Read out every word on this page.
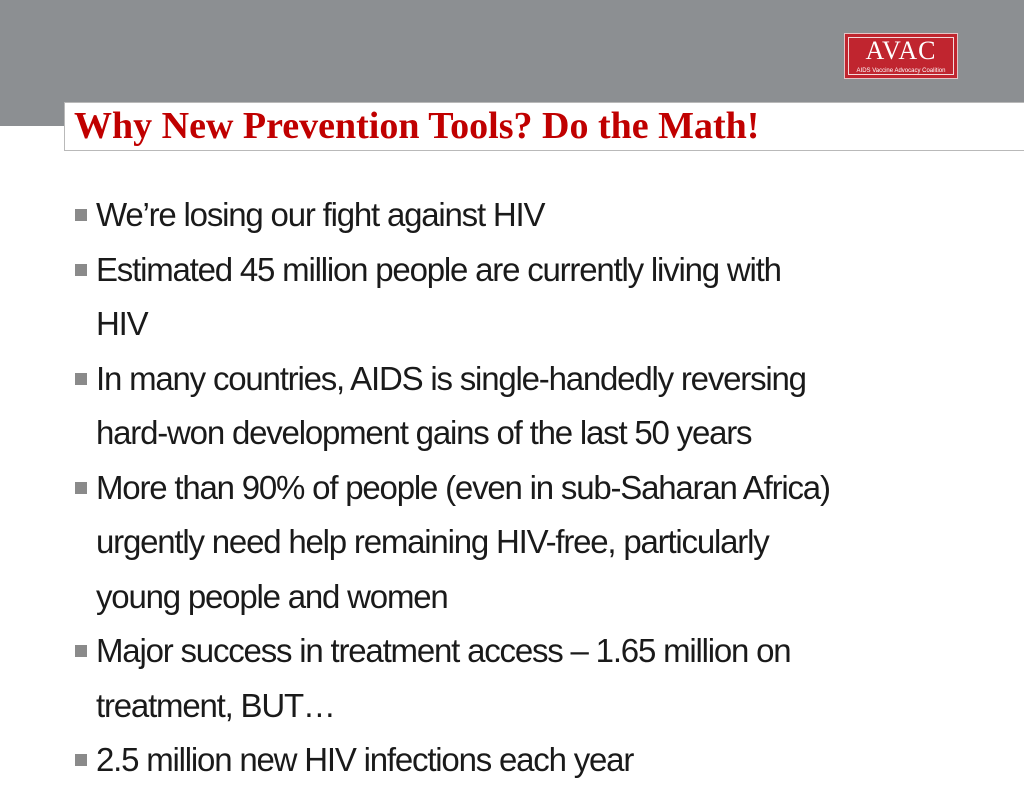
AVAC
AIDS Vaccine Advocacy Coalition
Why New Prevention Tools? Do the Math!
We’re losing our fight against HIV
Estimated 45 million people are currently living with
HIV
In many countries, AIDS is single-handedly reversing
hard-won development gains of the last 50 years
More than 90% of people (even in sub-Saharan Africa)
urgently need help remaining HIV-free, particularly
young people and women
Major success in treatment access – 1.65 million on
treatment, BUT…
2.5 million new HIV infections each year
